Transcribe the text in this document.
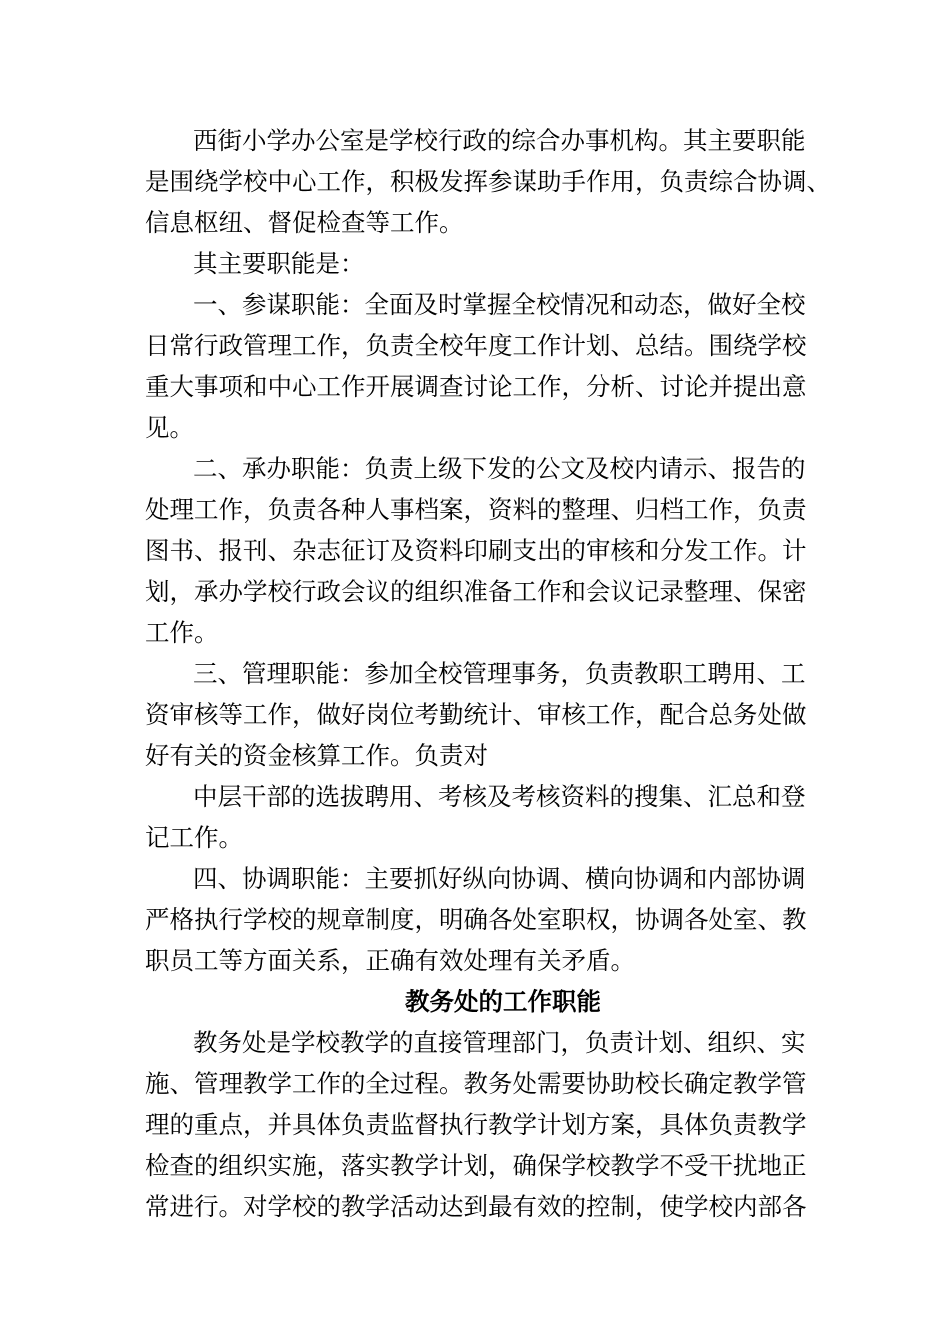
西街小学办公室是学校行政的综合办事机构。其主要职能
是围绕学校中心工作，积极发挥参谋助手作用，负责综合协调、
信息枢纽、督促检查等工作。
其主要职能是：
一、参谋职能：全面及时掌握全校情况和动态，做好全校
日常行政管理工作，负责全校年度工作计划、总结。围绕学校
重大事项和中心工作开展调查讨论工作，分析、讨论并提出意
见。
二、承办职能：负责上级下发的公文及校内请示、报告的
处理工作，负责各种人事档案，资料的整理、归档工作，负责
图书、报刊、杂志征订及资料印刷支出的审核和分发工作。计
划，承办学校行政会议的组织准备工作和会议记录整理、保密
工作。
三、管理职能：参加全校管理事务，负责教职工聘用、工
资审核等工作，做好岗位考勤统计、审核工作，配合总务处做
好有关的资金核算工作。负责对
中层干部的选拔聘用、考核及考核资料的搜集、汇总和登
记工作。
四、协调职能：主要抓好纵向协调、横向协调和内部协调
严格执行学校的规章制度，明确各处室职权，协调各处室、教
职员工等方面关系，正确有效处理有关矛盾。
教务处的工作职能
教务处是学校教学的直接管理部门，负责计划、组织、实
施、管理教学工作的全过程。教务处需要协助校长确定教学管
理的重点，并具体负责监督执行教学计划方案，具体负责教学
检查的组织实施，落实教学计划，确保学校教学不受干扰地正
常进行。对学校的教学活动达到最有效的控制，使学校内部各
